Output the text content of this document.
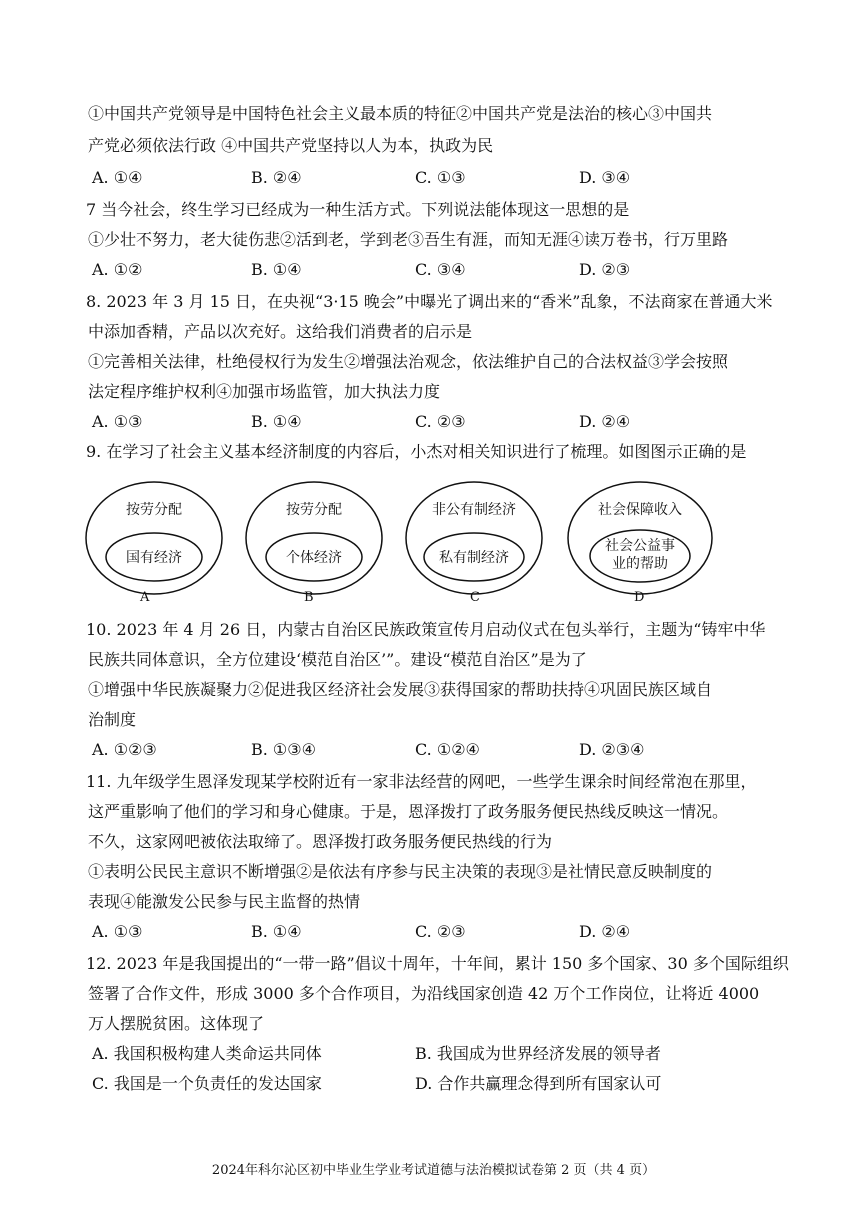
①中国共产党领导是中国特色社会主义最本质的特征②中国共产党是法治的核心③中国共
产党必须依法行政 ④中国共产党坚持以人为本，执政为民
A. ①④	B. ②④	C. ①③	D. ③④
7 当今社会，终生学习已经成为一种生活方式。下列说法能体现这一思想的是
①少壮不努力，老大徒伤悲②活到老，学到老③吾生有涯，而知无涯④读万卷书，行万里路
A. ①②	B. ①④	C. ③④	D. ②③
8. 2023 年 3 月 15 日，在央视“3·15 晚会”中曝光了调出来的“香米”乱象，不法商家在普通大米
中添加香精，产品以次充好。这给我们消费者的启示是
①完善相关法律，杜绝侵权行为发生②增强法治观念，依法维护自己的合法权益③学会按照
法定程序维护权利④加强市场监管，加大执法力度
A. ①③	B. ①④	C. ②③	D. ②④
9. 在学习了社会主义基本经济制度的内容后，小杰对相关知识进行了梳理。如图图示正确的是
按劳分配
国有经济
按劳分配
个体经济
非公有制经济
私有制经济
社会保障收入
社会公益事
业的帮助
A	B	C	D
10. 2023 年 4 月 26 日，内蒙古自治区民族政策宣传月启动仪式在包头举行，主题为“铸牢中华
民族共同体意识，全方位建设‘模范自治区’”。建设“模范自治区”是为了
①增强中华民族凝聚力②促进我区经济社会发展③获得国家的帮助扶持④巩固民族区域自
治制度
A. ①②③	B. ①③④	C. ①②④	D. ②③④
11. 九年级学生恩泽发现某学校附近有一家非法经营的网吧，一些学生课余时间经常泡在那里，
这严重影响了他们的学习和身心健康。于是，恩泽拨打了政务服务便民热线反映这一情况。
不久，这家网吧被依法取缔了。恩泽拨打政务服务便民热线的行为
①表明公民民主意识不断增强②是依法有序参与民主决策的表现③是社情民意反映制度的
表现④能激发公民参与民主监督的热情
A. ①③	B. ①④	C. ②③	D. ②④
12. 2023 年是我国提出的“一带一路”倡议十周年，十年间，累计 150 多个国家、30 多个国际组织
签署了合作文件，形成 3000 多个合作项目，为沿线国家创造 42 万个工作岗位，让将近 4000
万人摆脱贫困。这体现了
A. 我国积极构建人类命运共同体	B. 我国成为世界经济发展的领导者
C. 我国是一个负责任的发达国家	D. 合作共赢理念得到所有国家认可
2024年科尔沁区初中毕业生学业考试道德与法治模拟试卷第 2 页（共 4 页）
